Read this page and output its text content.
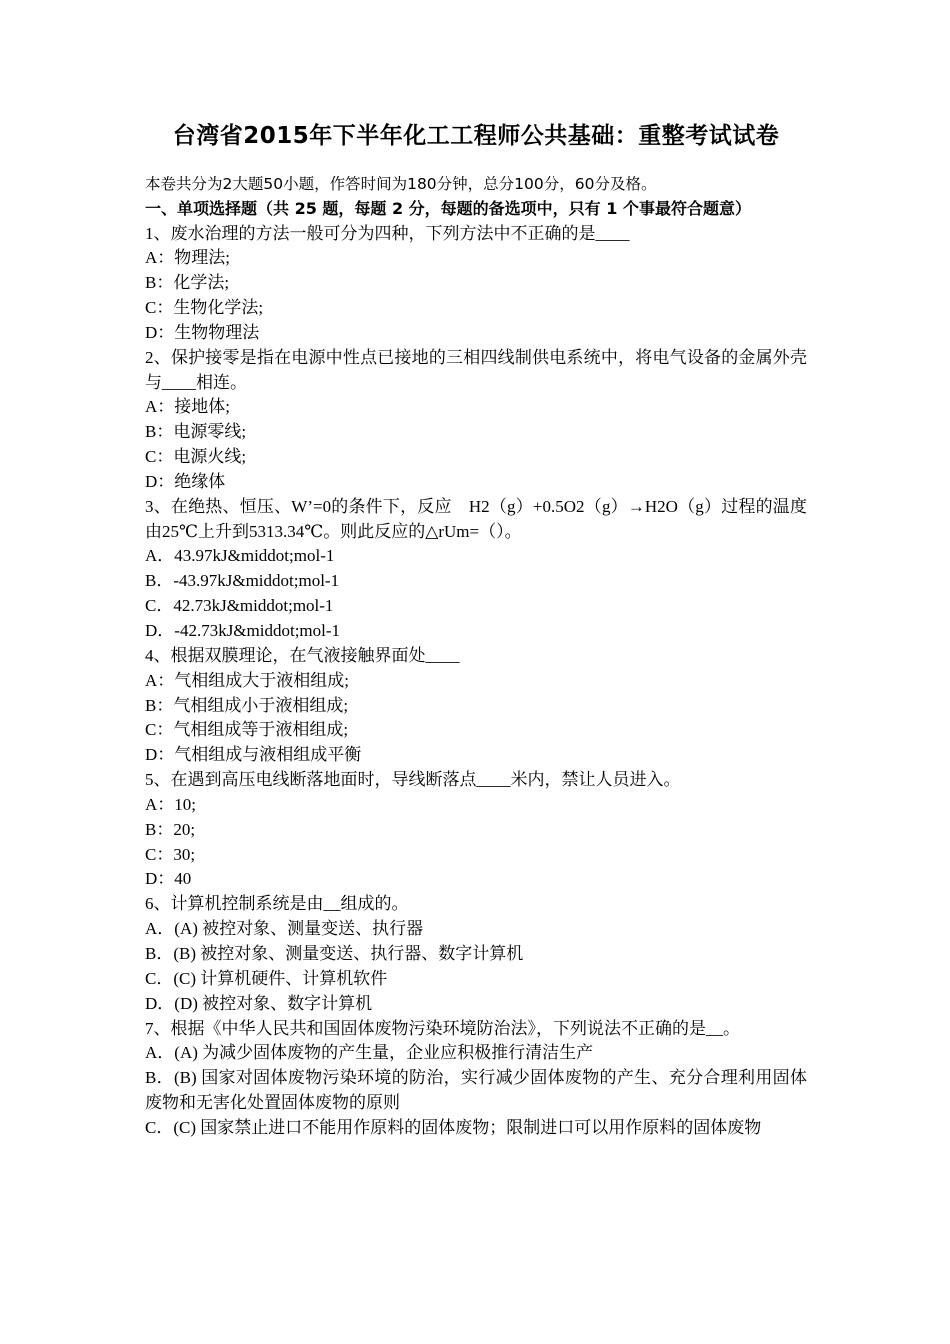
台湾省2015年下半年化工工程师公共基础：重整考试试卷
本卷共分为2大题50小题，作答时间为180分钟，总分100分，60分及格。
一、单项选择题（共 25 题，每题 2 分，每题的备选项中，只有 1 个事最符合题意）
1、废水治理的方法一般可分为四种，下列方法中不正确的是____
A：物理法;
B：化学法;
C：生物化学法;
D：生物物理法
2、保护接零是指在电源中性点已接地的三相四线制供电系统中，将电气设备的金属外壳与____相连。
A：接地体;
B：电源零线;
C：电源火线;
D：绝缘体
3、在绝热、恒压、W’=0的条件下，反应　H2（g）+0.5O2（g）→H2O（g）过程的温度由25℃上升到5313.34℃。则此反应的△rUm=（）。
A．43.97kJ&middot;mol-1
B．-43.97kJ&middot;mol-1
C．42.73kJ&middot;mol-1
D．-42.73kJ&middot;mol-1
4、根据双膜理论，在气液接触界面处____
A：气相组成大于液相组成;
B：气相组成小于液相组成;
C：气相组成等于液相组成;
D：气相组成与液相组成平衡
5、在遇到高压电线断落地面时，导线断落点____米内，禁让人员进入。
A：10;
B：20;
C：30;
D：40
6、计算机控制系统是由__组成的。
A．(A) 被控对象、测量变送、执行器
B．(B) 被控对象、测量变送、执行器、数字计算机
C．(C) 计算机硬件、计算机软件
D．(D) 被控对象、数字计算机
7、根据《中华人民共和国固体废物污染环境防治法》，下列说法不正确的是__。
A．(A) 为减少固体废物的产生量，企业应积极推行清洁生产
B．(B) 国家对固体废物污染环境的防治，实行减少固体废物的产生、充分合理利用固体废物和无害化处置固体废物的原则
C．(C) 国家禁止进口不能用作原料的固体废物；限制进口可以用作原料的固体废物
